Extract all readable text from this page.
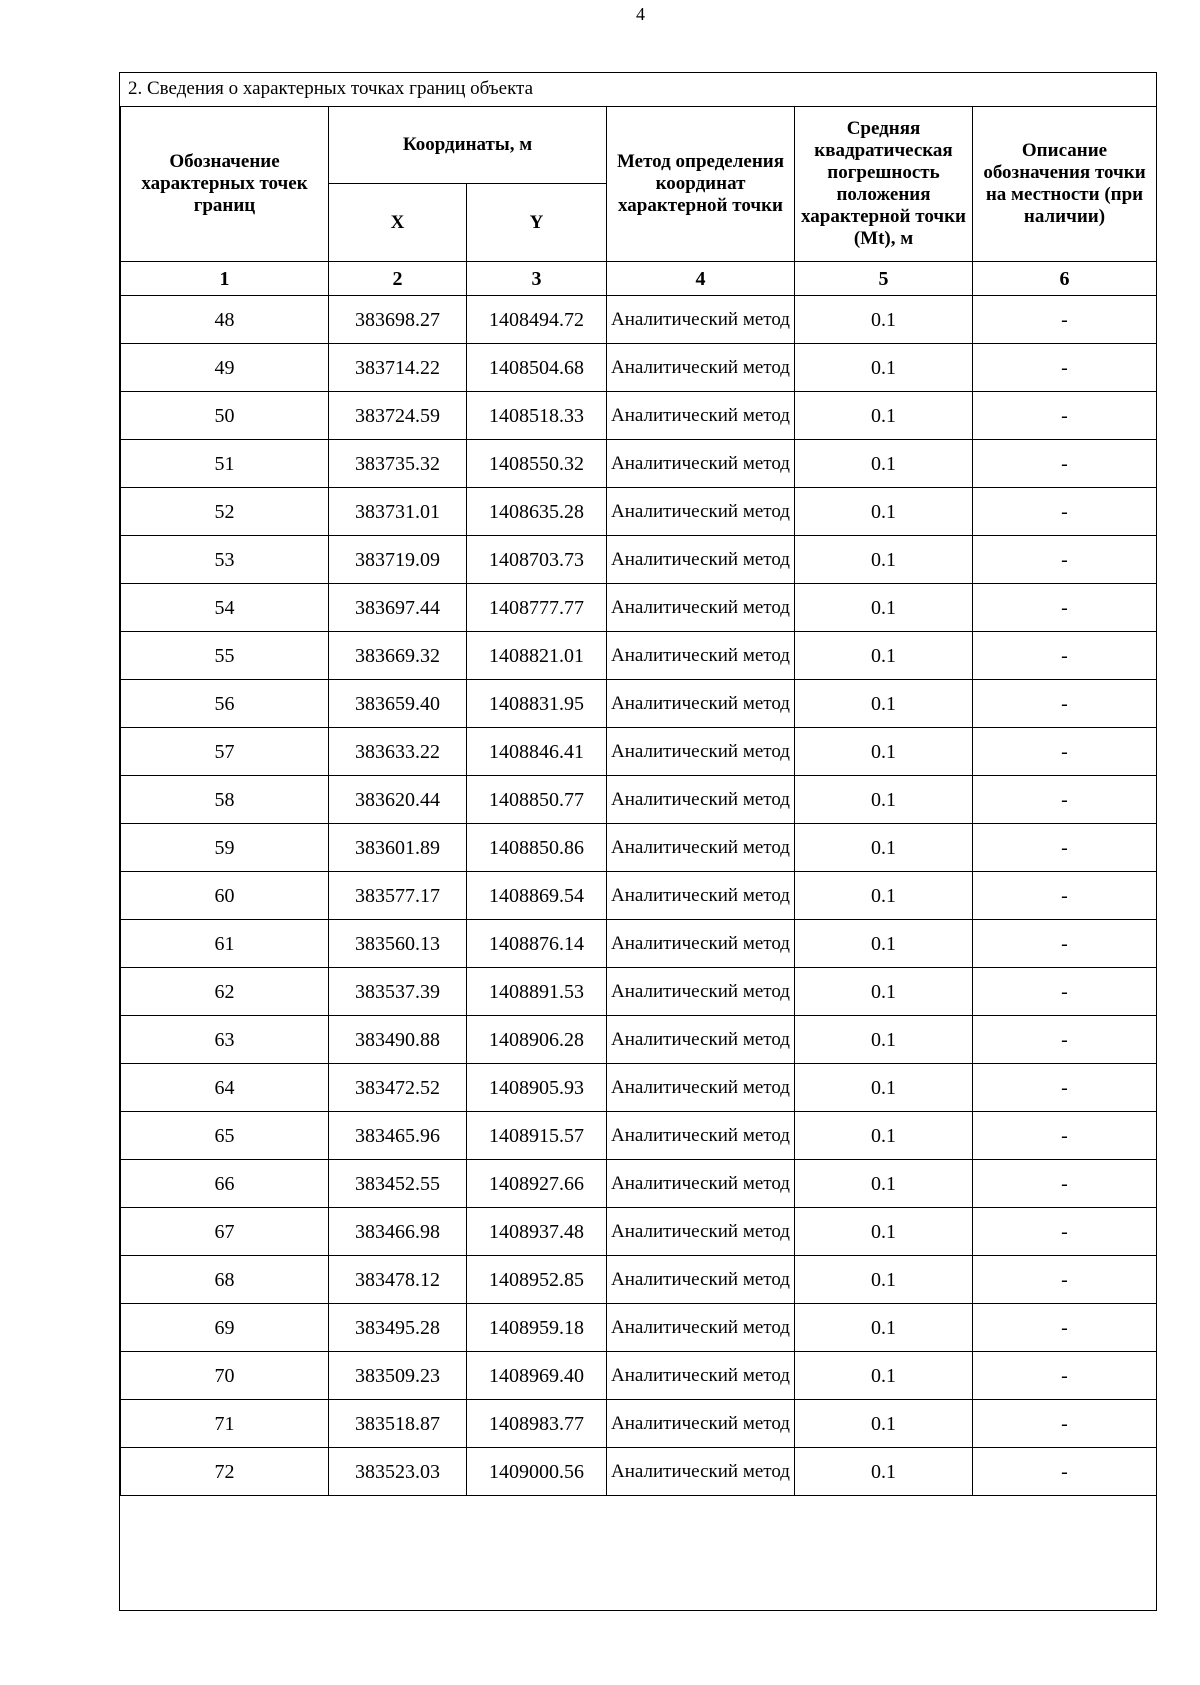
4
2. Сведения о характерных точках границ объекта
Обозначение характерных точек границ	Координаты, м		Метод определения координат характерной точки	Средняя квадратическая погрешность положения характерной точки (Mt), м	Описание обозначения точки на местности (при наличии)

	X	Y			
1	2	3	4	5	6
48	383698.27	1408494.72	Аналитический метод	0.1	-
49	383714.22	1408504.68	Аналитический метод	0.1	-
50	383724.59	1408518.33	Аналитический метод	0.1	-
51	383735.32	1408550.32	Аналитический метод	0.1	-
52	383731.01	1408635.28	Аналитический метод	0.1	-
53	383719.09	1408703.73	Аналитический метод	0.1	-
54	383697.44	1408777.77	Аналитический метод	0.1	-
55	383669.32	1408821.01	Аналитический метод	0.1	-
56	383659.40	1408831.95	Аналитический метод	0.1	-
57	383633.22	1408846.41	Аналитический метод	0.1	-
58	383620.44	1408850.77	Аналитический метод	0.1	-
59	383601.89	1408850.86	Аналитический метод	0.1	-
60	383577.17	1408869.54	Аналитический метод	0.1	-
61	383560.13	1408876.14	Аналитический метод	0.1	-
62	383537.39	1408891.53	Аналитический метод	0.1	-
63	383490.88	1408906.28	Аналитический метод	0.1	-
64	383472.52	1408905.93	Аналитический метод	0.1	-
65	383465.96	1408915.57	Аналитический метод	0.1	-
66	383452.55	1408927.66	Аналитический метод	0.1	-
67	383466.98	1408937.48	Аналитический метод	0.1	-
68	383478.12	1408952.85	Аналитический метод	0.1	-
69	383495.28	1408959.18	Аналитический метод	0.1	-
70	383509.23	1408969.40	Аналитический метод	0.1	-
71	383518.87	1408983.77	Аналитический метод	0.1	-
72	383523.03	1409000.56	Аналитический метод	0.1	-
